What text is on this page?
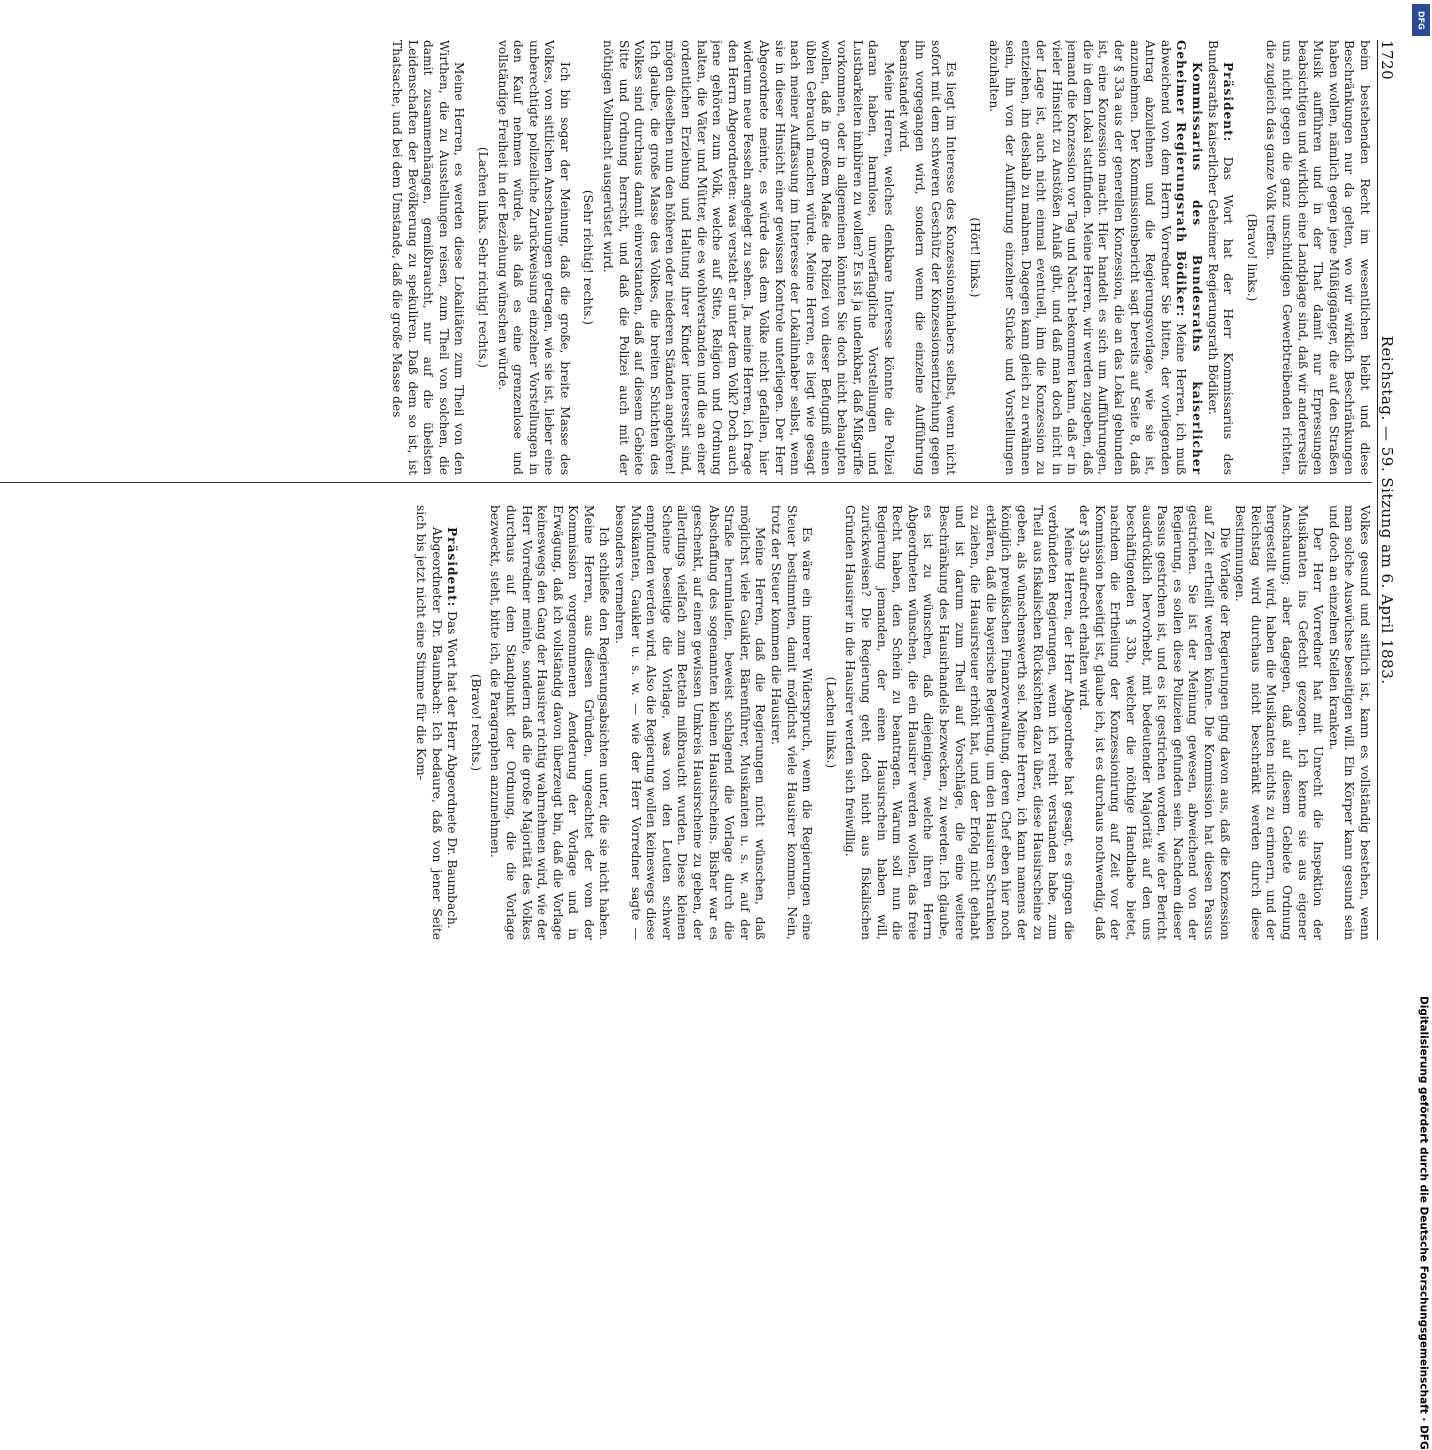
1720
Reichstag. — 59. Sitzung am 6. April 1883.

beim bestehenden Recht im wesentlichen bleibt und diese Beschränkungen nur da gelten, wo wir wirklich Beschränkungen haben wollen, nämlich gegen jene Müßiggänger, die auf den Straßen Musik aufführen und in der That damit nur Erpressungen beabsichtigen und wirklich eine Landplage sind, daß wir andererseits uns nicht gegen die ganz unschuldigen Gewerbtreibenden richten, die zugleich das ganze Volk treffen.

(Bravo! links.)

Präsident: Das Wort hat der Herr Kommissarius des Bundesraths kaiserlicher Geheimer Regierungsrath Bödiker.

Kommissarius des Bundesraths kaiserlicher Geheimer Regierungsrath Bödiker: Meine Herren, ich muß abweichend von dem Herrn Vorredner Sie bitten, der vorliegenden Antrag abzulehnen und die Regierungsvorlage, wie sie ist, anzunehmen. Der Kommissionsbericht sagt bereits auf Seite 8, daß der § 33a aus der generellen Konzession, die an das Lokal gebunden ist, eine Konzession macht. Hier handelt es sich um Aufführungen, die in dem Lokal stattfinden. Meine Herren, wir werden zugeben, daß jemand die Konzession vor Tag und Nacht bekommen kann, daß er in vieler Hinsicht zu Anstößen Anlaß gibt, und daß man doch nicht in der Lage ist, auch nicht einmal eventuell, ihm die Konzession zu entziehen, ihn deshalb zu mahnen. Dagegen kann gleich zu erwähnen sein, ihn von der Aufführung einzelner Stücke und Vorstellungen abzuhalten.

(Hört! links.)

Es liegt im Interesse des Konzessionsinhabers selbst, wenn nicht sofort mit dem schweren Geschütz der Konzessionsentziehung gegen ihn vorgegangen wird, sondern wenn die einzelne Aufführung beanstandet wird.

Meine Herren, welches denkbare Interesse könnte die Polizei daran haben, harmlose, unverfängliche Vorstellungen und Lustbarkeiten inhibiren zu wollen? Es ist ja undenkbar, daß Mißgriffe vorkommen, oder in allgemeinen könnten Sie doch nicht behaupten wollen, daß in großem Maße die Polizei von dieser Befugniß einen üblen Gebrauch machen würde. Meine Herren, es liegt wie gesagt nach meiner Auffassung im Interesse der Lokalinhaber selbst, wenn sie in dieser Hinsicht einer gewissen Kontrole unterliegen. Der Herr Abgeordnete meinte, es würde das dem Volke nicht gefallen, hier widerum neue Fesseln angelegt zu sehen. Ja, meine Herren, ich frage den Herrn Abgeordneten: was versteht er unter dem Volk? Doch auch jene gehören zum Volk, welche auf Sitte, Religion und Ordnung halten, die Väter und Mütter, die es wohlverstanden und die an einer ordentlichen Erziehung und Haltung ihrer Kinder interessirt sind, mögen dieselben nun den höheren oder niederen Ständen angehören! Ich glaube, die große Masse des Volkes, die breiten Schichten des Volkes sind durchaus damit einverstanden, daß auf diesem Gebiete Sitte und Ordnung herrscht, und daß die Polizei auch mit der nöthigen Vollmacht ausgerüstet wird.

(Sehr richtig! rechts.)

Ich bin sogar der Meinung, daß die große, breite Masse des Volkes, von sittlichen Anschauungen getragen, wie sie ist, lieber eine unberechtigte polizeiliche Zurückweisung einzelner Vorstellungen in den Kauf nehmen würde, als daß es eine grenzenlose und vollständige Freiheit in der Beziehung wünschen würde.

(Lachen links. Sehr richtig! rechts.)

Meine Herren, es werden diese Lokalitäten zum Theil von den Wirthen, die zu Ausstellungen reisen, zum Theil von solchen, die damit zusammenhängen, gemißbraucht, nur auf die übelsten Leidenschaften der Bevölkerung zu spekuliren. Daß dem so ist, ist Thatsache, und bei dem Umstande, daß die große Masse des

Volkes gesund und sittlich ist, kann es vollständig bestehen, wenn man solche Auswüchse beseitigen will. Ein Körper kann gesund sein und doch an einzelnen Stellen kranken.

Der Herr Vorredner hat mit Unrecht die Inspektion der Musikanten ins Gefecht gezogen. Ich kenne sie aus eigener Anschauung; aber dagegen, daß auf diesem Gebiete Ordnung hergestellt wird, haben die Musikanten nichts zu erinnern, und der Reichstag wird durchaus nicht beschränkt werden durch diese Bestimmungen.

Die Vorlage der Regierungen ging davon aus, daß die Konzession auf Zeit ertheilt werden könne. Die Kommission hat diesen Passus gestrichen. Sie ist der Meinung gewesen, abweichend von der Regierung, es sollen diese Polizeien gefunden sein. Nachdem dieser Passus gestrichen ist, und es ist gestrichen worden, wie der Bericht ausdrücklich hervorhebt, mit bedeutender Majorität auf den uns beschäftigenden § 33b, welcher die nöthige Handhabe bietet, nachdem die Ertheilung der Konzessionirung auf Zeit vor der Kommission beseitigt ist, glaube ich, ist es durchaus nothwendig, daß der § 33b aufrecht erhalten wird.

Meine Herren, der Herr Abgeordnete hat gesagt, es gingen die verbündeten Regierungen, wenn ich recht verstanden habe, zum Theil aus fiskalischen Rücksichten dazu über, diese Hausirscheine zu geben, als wünschenswerth sei. Meine Herren, ich kann namens der königlich preußischen Finanzverwaltung, deren Chef eben hier noch erklären, daß die bayerische Regierung, um den Hausiren Schranken zu ziehen, die Hausirsteuer erhöht hat, und der Erfolg nicht gehabt und ist darum zum Theil auf Vorschläge, die eine weitere Beschränkung des Hausirhandels bezwecken, zu werden. Ich glaube, es ist zu wünschen, daß diejenigen, welche ihren Herrn Abgeordneten wünschen, die ein Hausirer werden wollen, das freie Recht haben, den Schein zu beantragen. Warum soll nun die Regierung jemanden, der einen Hausirschein haben will, zurückweisen? Die Regierung geht doch nicht aus fiskalischen Gründen Hausirer in die Hausirer werden sich freiwillig.

(Lachen links.)

Es wäre ein innerer Widerspruch, wenn die Regierungen eine Steuer bestimmten, damit möglichst viele Hausirer kommen. Nein, trotz der Steuer kommen die Hausirer.

Meine Herren, daß die Regierungen nicht wünschen, daß möglichst viele Gaukler, Bärenführer, Musikanten u. s. w. auf der Straße herumlaufen, beweist schlagend die Vorlage durch die Abschaffung des sogenannten kleinen Hausirscheins. Bisher war es geschenkt, auf einen gewissen Umkreis Hausirscheine zu geben, der allerdings vielfach zum Betteln mißbraucht wurden. Diese kleinen Scheine beseitige die Vorlage, was von den Leuten schwer empfunden werden wird. Also die Regierung wollen keineswegs diese Musikanten, Gaukler u. s. w. — wie der Herr Vorredner sagte — besonders vermehren.

Ich schließe den Regierungsabsichten unter, die sie nicht haben. Meine Herren, aus diesen Gründen, ungeachtet der vom der Kommission vorgenommenen Aenderung der Vorlage und in Erwägung, daß ich vollständig davon überzeugt bin, daß die Vorlage keineswegs den Gang der Hausirer richtig wahrnehmen wird, wie der Herr Vorredner meinte, sondern daß die große Majorität des Volkes durchaus auf dem Standpunkt der Ordnung, die die Vorlage bezweckt, steht, bitte ich, die Paragraphen anzunehmen.

(Bravo! rechts.)

Präsident: Das Wort hat der Herr Abgeordnete Dr. Baumbach.

Abgeordneter Dr. Baumbach: Ich bedaure, daß von jener Seite sich bis jetzt nicht eine Stimme für die Kom-

DFG
Digitalisierung gefördert durch die Deutsche Forschungsgemeinschaft · DFG
